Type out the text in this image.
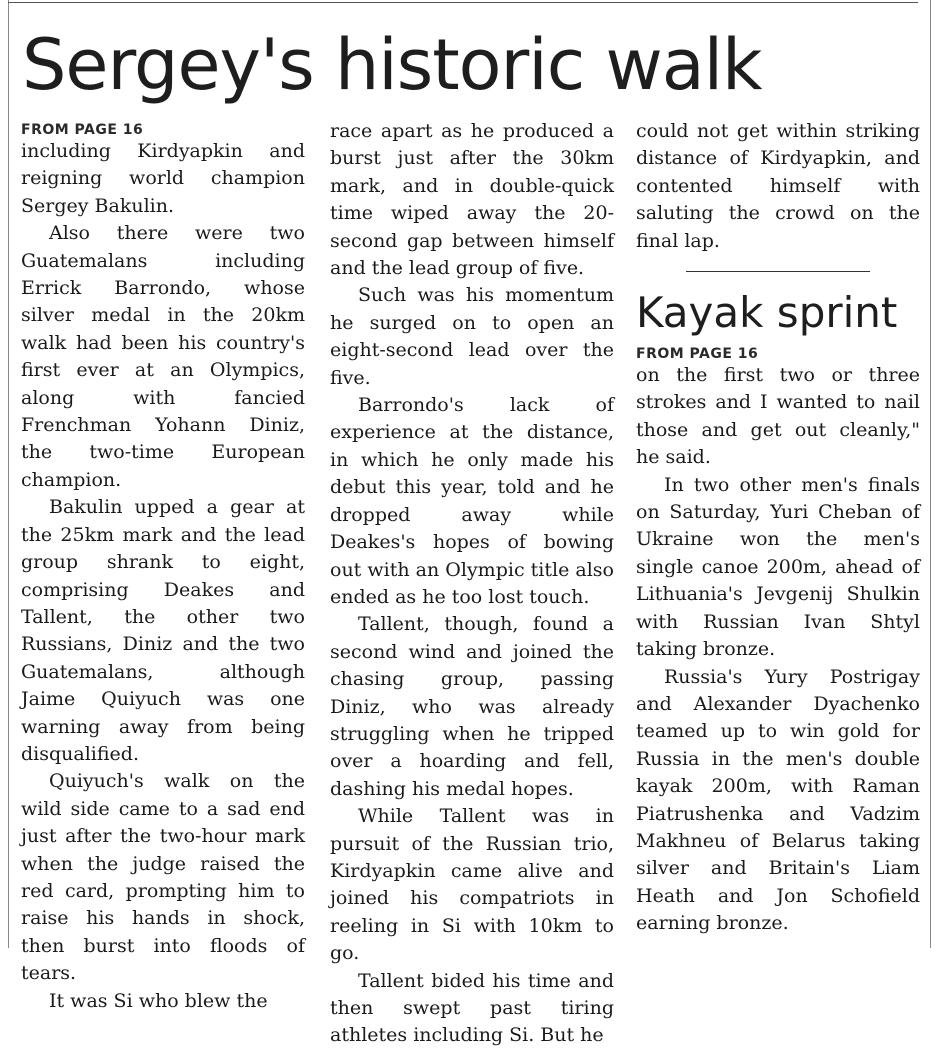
Sergey's historic walk
FROM PAGE 16

including Kirdyapkin and reigning world champion Sergey Bakulin.

Also there were two Guatemalans including Errick Barrondo, whose silver medal in the 20km walk had been his country's first ever at an Olympics, along with fancied Frenchman Yohann Diniz, the two-time European champion.

Bakulin upped a gear at the 25km mark and the lead group shrank to eight, comprising Deakes and Tallent, the other two Russians, Diniz and the two Guatemalans, although Jaime Quiyuch was one warning away from being disqualified.

Quiyuch's walk on the wild side came to a sad end just after the two-hour mark when the judge raised the red card, prompting him to raise his hands in shock, then burst into floods of tears.

It was Si who blew the

race apart as he produced a burst just after the 30km mark, and in double-quick time wiped away the 20-second gap between himself and the lead group of five.

Such was his momentum he surged on to open an eight-second lead over the five.

Barrondo's lack of experience at the distance, in which he only made his debut this year, told and he dropped away while Deakes's hopes of bowing out with an Olympic title also ended as he too lost touch.

Tallent, though, found a second wind and joined the chasing group, passing Diniz, who was already struggling when he tripped over a hoarding and fell, dashing his medal hopes.

While Tallent was in pursuit of the Russian trio, Kirdyapkin came alive and joined his compatriots in reeling in Si with 10km to go.

Tallent bided his time and then swept past tiring athletes including Si. But he

could not get within striking distance of Kirdyapkin, and contented himself with saluting the crowd on the final lap.

Kayak sprint
FROM PAGE 16

on the first two or three strokes and I wanted to nail those and get out cleanly," he said.

In two other men's finals on Saturday, Yuri Cheban of Ukraine won the men's single canoe 200m, ahead of Lithuania's Jevgenij Shulkin with Russian Ivan Shtyl taking bronze.

Russia's Yury Postrigay and Alexander Dyachenko teamed up to win gold for Russia in the men's double kayak 200m, with Raman Piatrushenka and Vadzim Makhneu of Belarus taking silver and Britain's Liam Heath and Jon Schofield earning bronze.
